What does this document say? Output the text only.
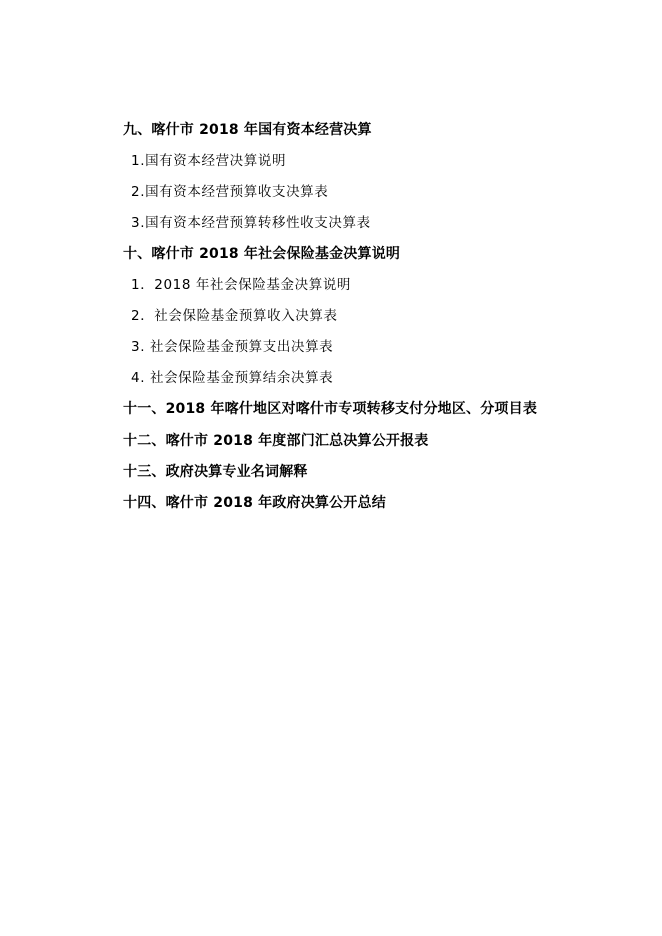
九、喀什市 2018 年国有资本经营决算
1.国有资本经营决算说明
2.国有资本经营预算收支决算表
3.国有资本经营预算转移性收支决算表
十、喀什市 2018 年社会保险基金决算说明
1．2018 年社会保险基金决算说明
2．社会保险基金预算收入决算表
3. 社会保险基金预算支出决算表
4. 社会保险基金预算结余决算表
十一、2018 年喀什地区对喀什市专项转移支付分地区、分项目表
十二、喀什市 2018 年度部门汇总决算公开报表
十三、政府决算专业名词解释
十四、喀什市 2018 年政府决算公开总结
